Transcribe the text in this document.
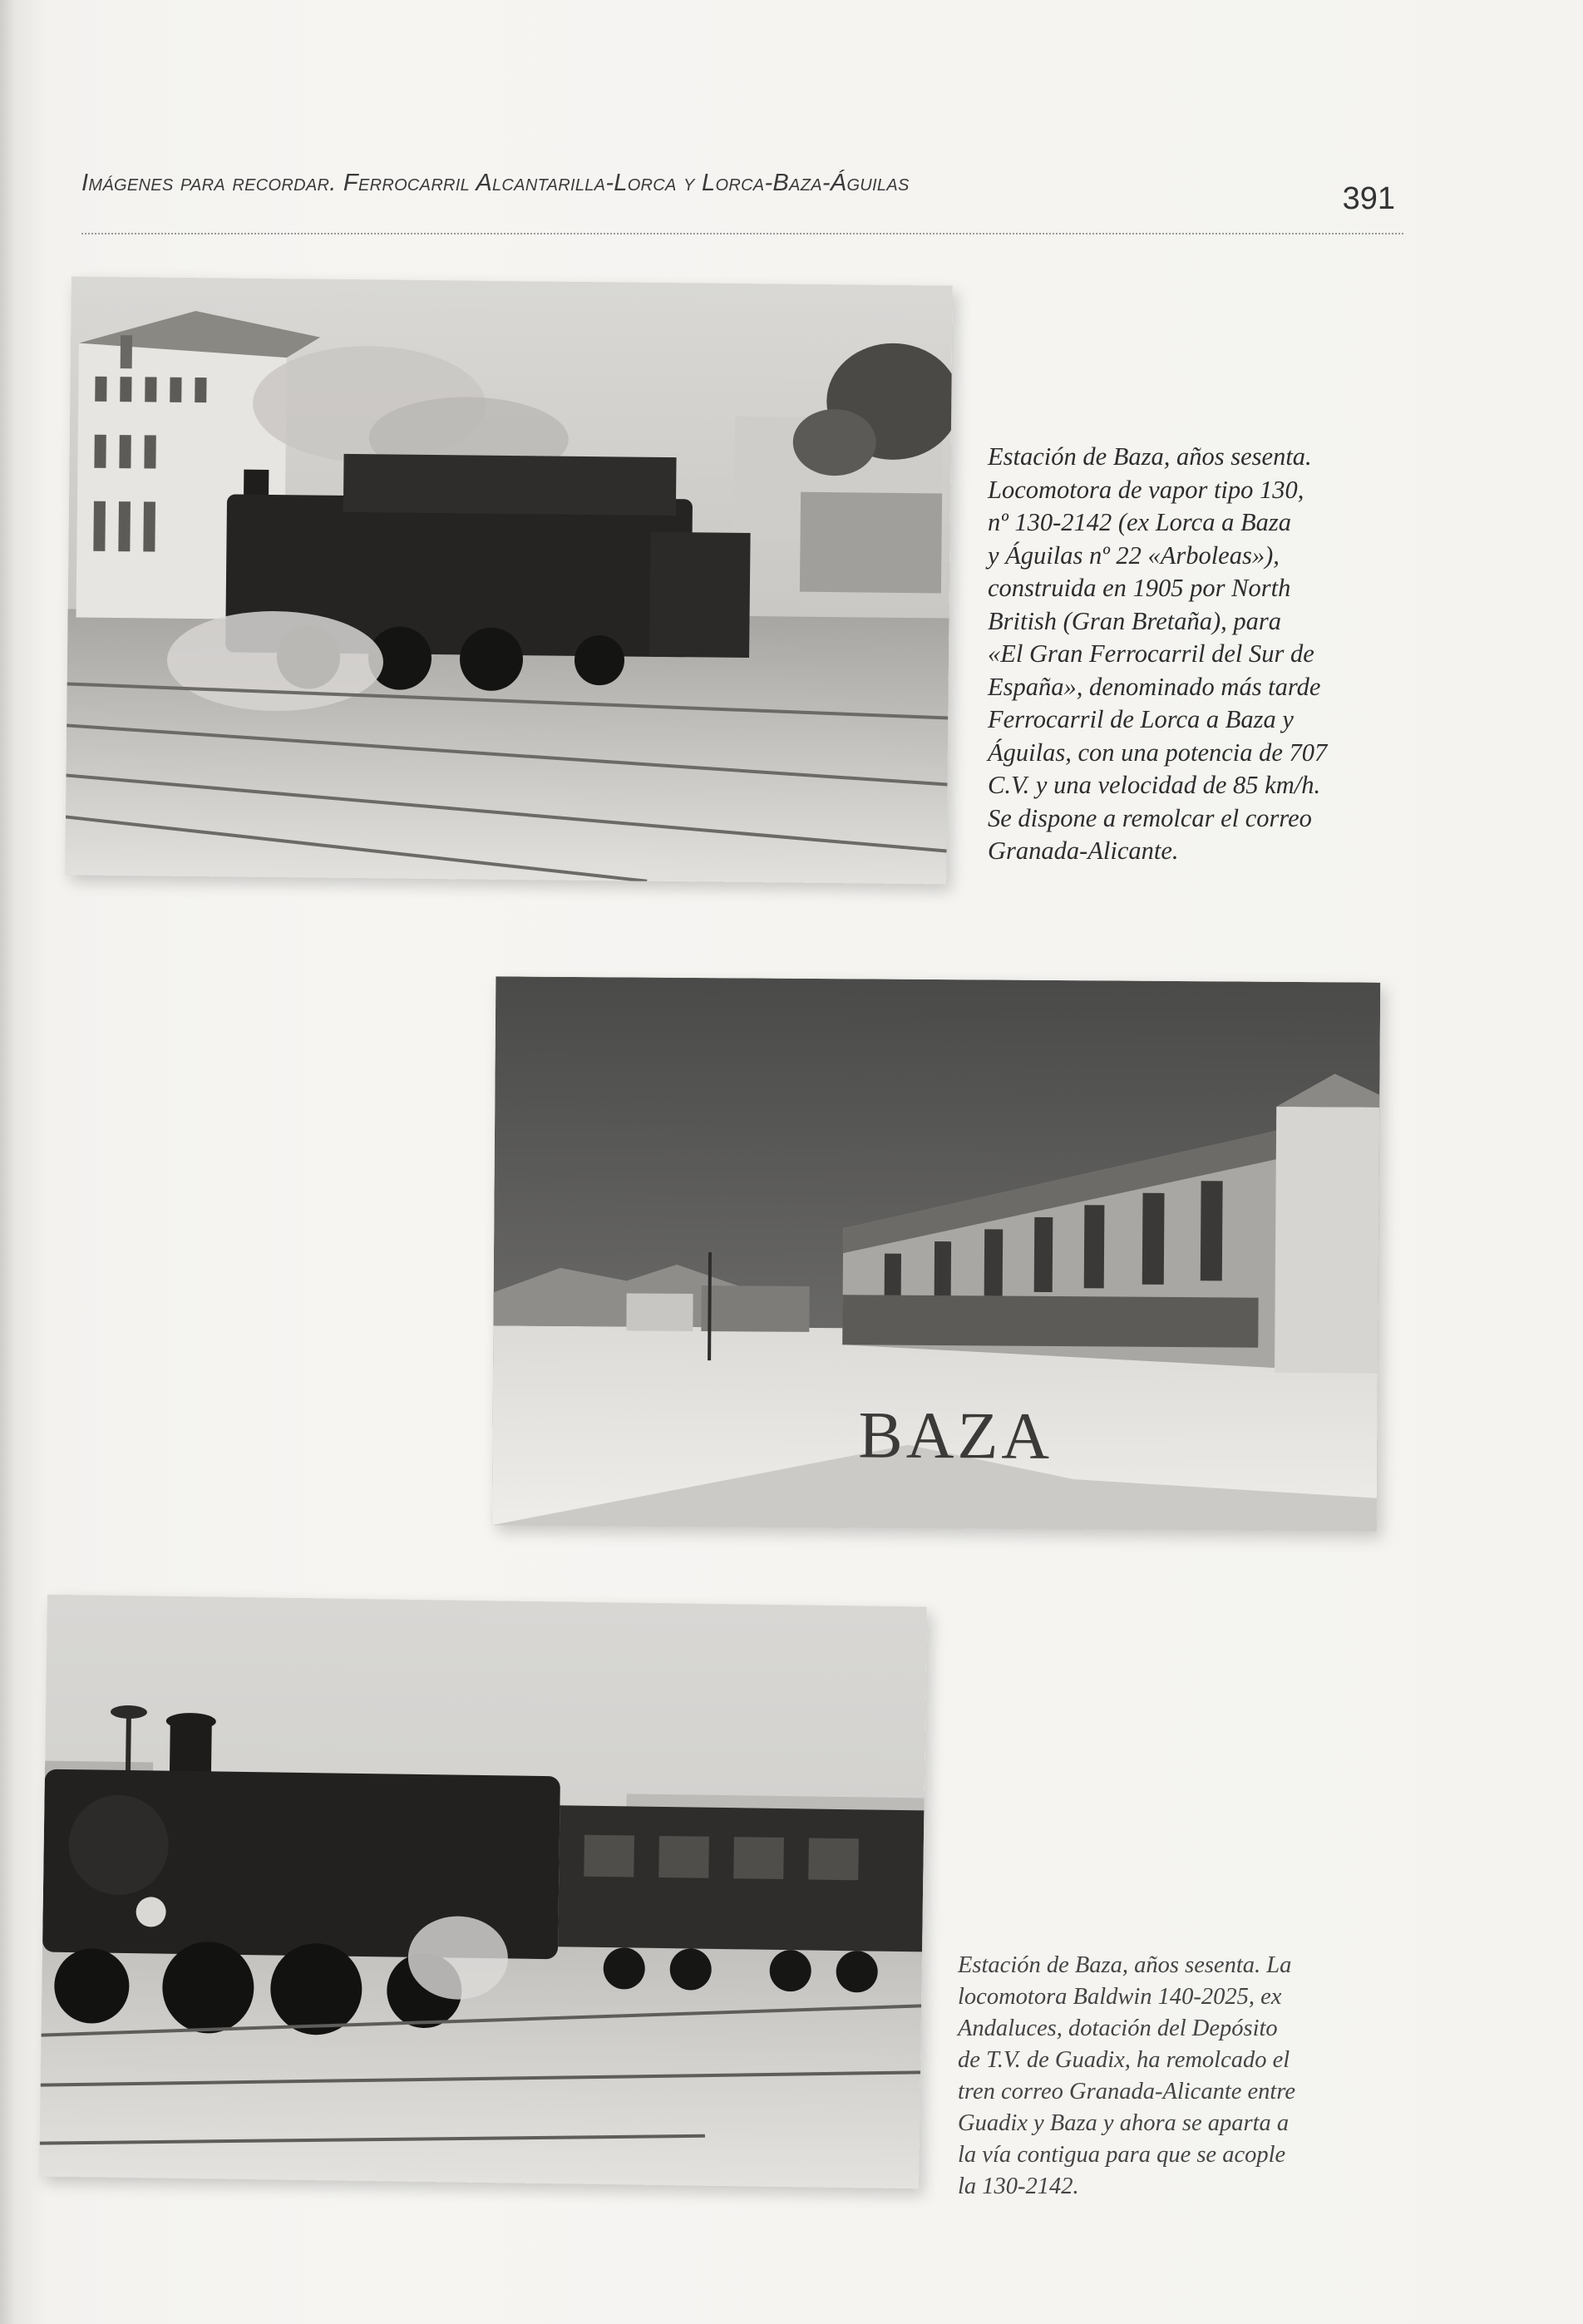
Imágenes para recordar. Ferrocarril Alcantarilla-Lorca y Lorca-Baza-Águilas	391
Estación de Baza, años sesenta.
Locomotora de vapor tipo 130,
nº 130-2142 (ex Lorca a Baza
y Águilas nº 22 «Arboleas»),
construida en 1905 por North
British (Gran Bretaña), para
«El Gran Ferrocarril del Sur de
España», denominado más tarde
Ferrocarril de Lorca a Baza y
Águilas, con una potencia de 707
C.V. y una velocidad de 85 km/h.
Se dispone a remolcar el correo
Granada-Alicante.
BAZA
Estación de Baza, años sesenta. La
locomotora Baldwin 140-2025, ex
Andaluces, dotación del Depósito
de T.V. de Guadix, ha remolcado el
tren correo Granada-Alicante entre
Guadix y Baza y ahora se aparta a
la vía contigua para que se acople
la 130-2142.
